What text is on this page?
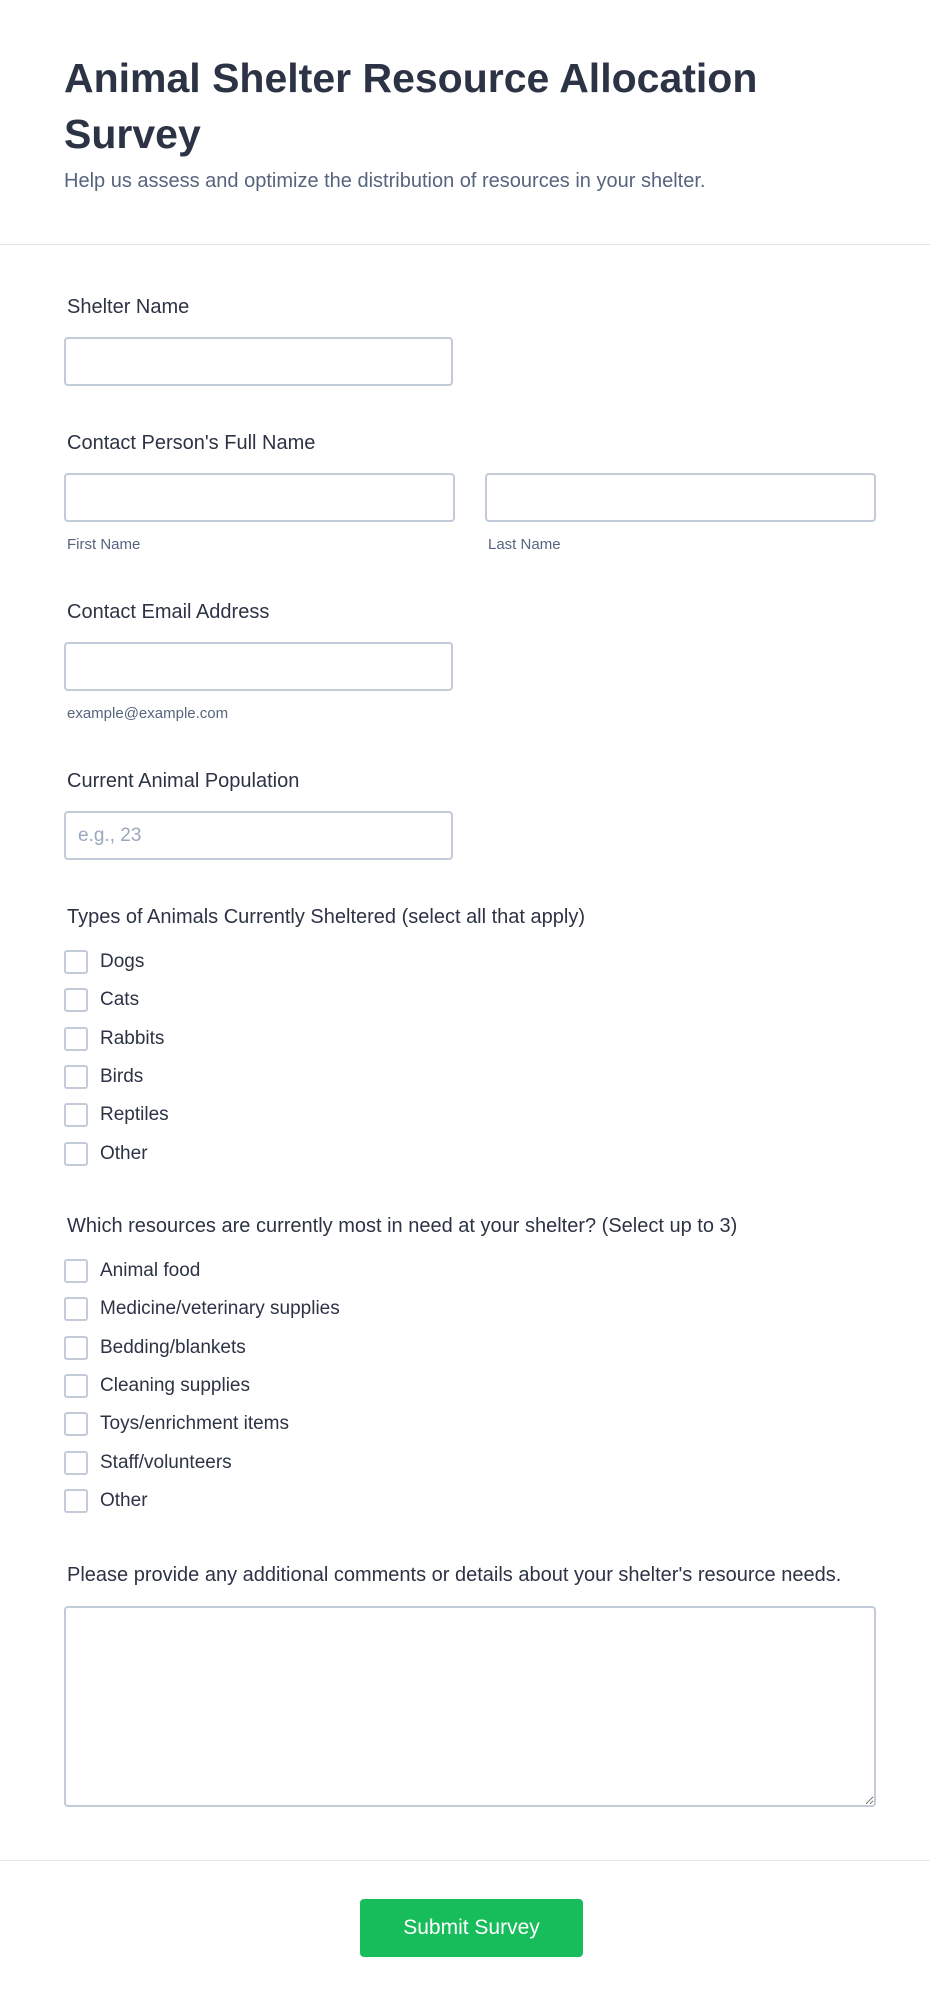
Animal Shelter Resource Allocation Survey

Help us assess and optimize the distribution of resources in your shelter.

Shelter Name
Contact Person's Full Name
First Name	Last Name
Contact Email Address
example@example.com
Current Animal Population
e.g., 23
Types of Animals Currently Sheltered (select all that apply)
Dogs
Cats
Rabbits
Birds
Reptiles
Other
Which resources are currently most in need at your shelter? (Select up to 3)
Animal food
Medicine/veterinary supplies
Bedding/blankets
Cleaning supplies
Toys/enrichment items
Staff/volunteers
Other
Please provide any additional comments or details about your shelter's resource needs.
Submit Survey
